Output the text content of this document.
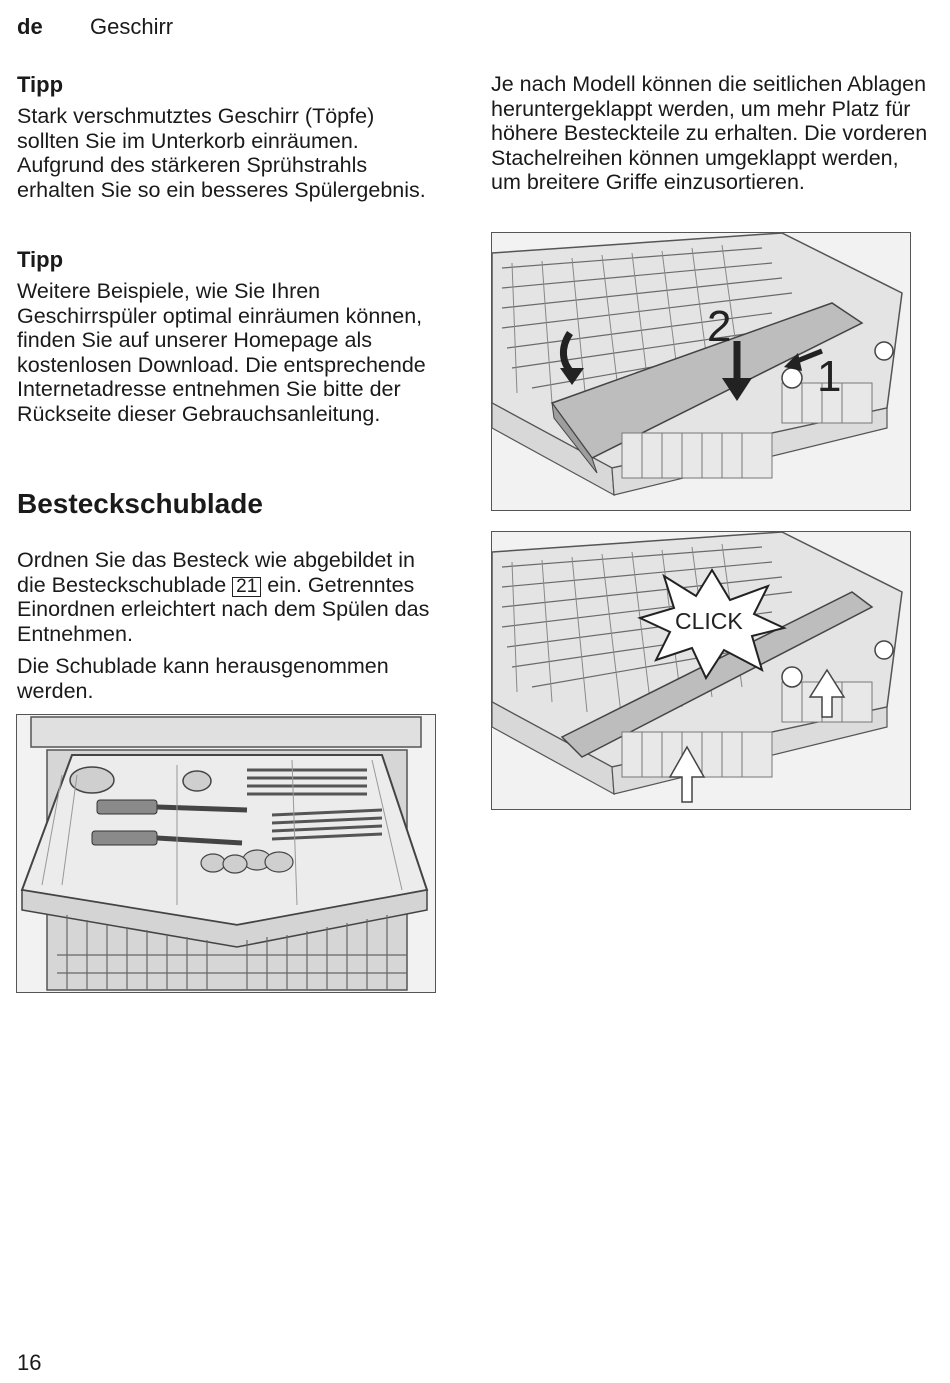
de Geschirr
Tipp
Stark verschmutztes Geschirr (Töpfe) sollten Sie im Unterkorb einräumen. Aufgrund des stärkeren Sprühstrahls erhalten Sie so ein besseres Spülergebnis.
Tipp
Weitere Beispiele, wie Sie Ihren Geschirrspüler optimal einräumen können, finden Sie auf unserer Homepage als kostenlosen Download. Die entsprechende Internetadresse entnehmen Sie bitte der Rückseite dieser Gebrauchsanleitung.
Besteckschublade
Ordnen Sie das Besteck wie abgebildet in die Besteckschublade 21 ein. Getrenntes Einordnen erleichtert nach dem Spülen das Entnehmen.
Die Schublade kann herausgenommen werden.
Je nach Modell können die seitlichen Ablagen heruntergeklappt werden, um mehr Platz für höhere Besteckteile zu erhalten. Die vorderen Stachelreihen können umgeklappt werden, um breitere Griffe einzusortieren.
2
1
CLICK
16
